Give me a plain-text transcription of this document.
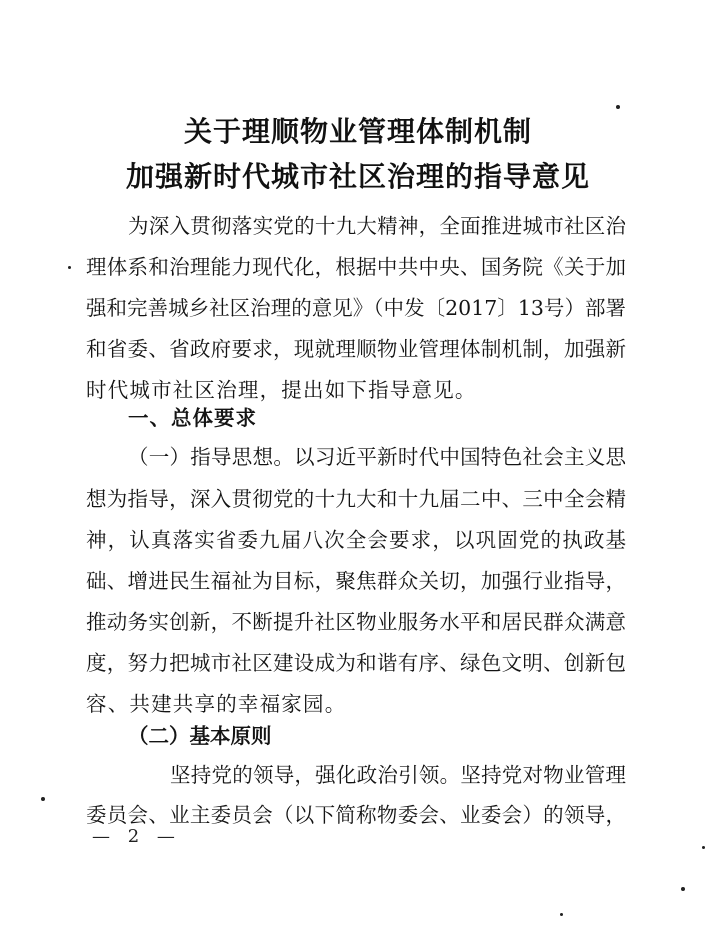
关于理顺物业管理体制机制
加强新时代城市社区治理的指导意见
为深入贯彻落实党的十九大精神，全面推进城市社区治
理体系和治理能力现代化，根据中共中央、国务院《关于加
强和完善城乡社区治理的意见》（中发〔2017〕13号）部署
和省委、省政府要求，现就理顺物业管理体制机制，加强新
时代城市社区治理，提出如下指导意见。
一、总体要求
（一）指导思想。以习近平新时代中国特色社会主义思
想为指导，深入贯彻党的十九大和十九届二中、三中全会精
神，认真落实省委九届八次全会要求，以巩固党的执政基
础、增进民生福祉为目标，聚焦群众关切，加强行业指导，
推动务实创新，不断提升社区物业服务水平和居民群众满意
度，努力把城市社区建设成为和谐有序、绿色文明、创新包
容、共建共享的幸福家园。
（二）基本原则
坚持党的领导，强化政治引领。坚持党对物业管理
委员会、业主委员会（以下简称物委会、业委会）的领导，
— 2 —
